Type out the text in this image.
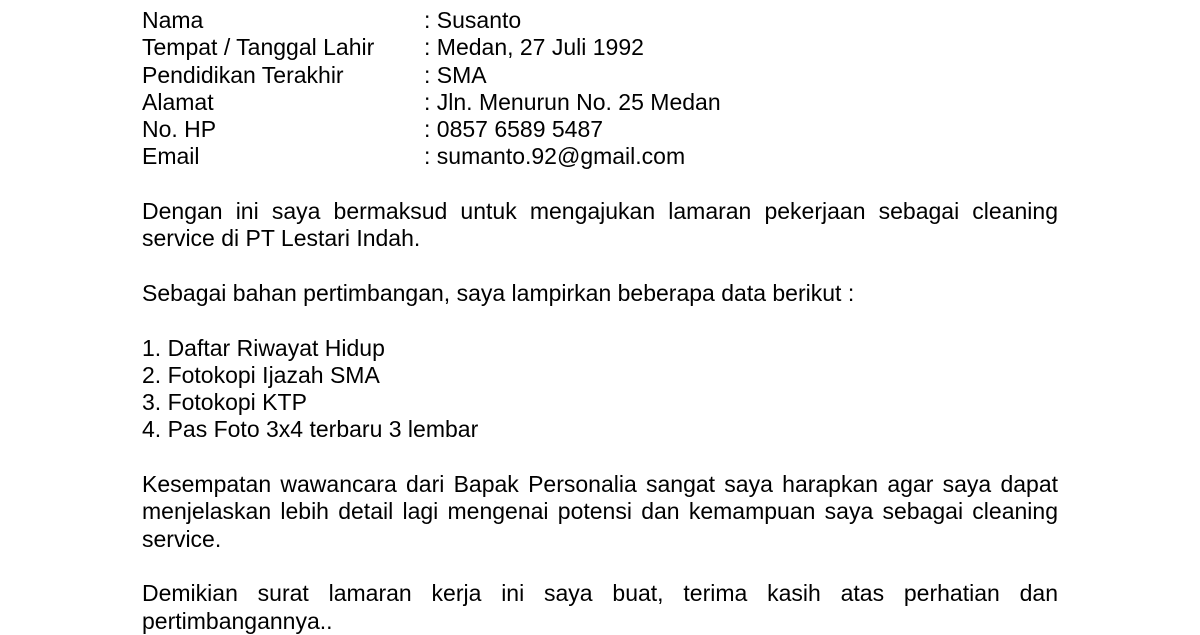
Nama	: Susanto
Tempat / Tanggal Lahir	: Medan, 27 Juli 1992
Pendidikan Terakhir	: SMA
Alamat	: Jln. Menurun No. 25 Medan
No. HP	: 0857 6589 5487
Email	: sumanto.92@gmail.com

Dengan ini saya bermaksud untuk mengajukan lamaran pekerjaan sebagai cleaning service di PT Lestari Indah.

Sebagai bahan pertimbangan, saya lampirkan beberapa data berikut :

1. Daftar Riwayat Hidup
2. Fotokopi Ijazah SMA
3. Fotokopi KTP
4. Pas Foto 3x4 terbaru 3 lembar

Kesempatan wawancara dari Bapak Personalia sangat saya harapkan agar saya dapat menjelaskan lebih detail lagi mengenai potensi dan kemampuan saya sebagai cleaning service.

Demikian surat lamaran kerja ini saya buat, terima kasih atas perhatian dan pertimbangannya..
